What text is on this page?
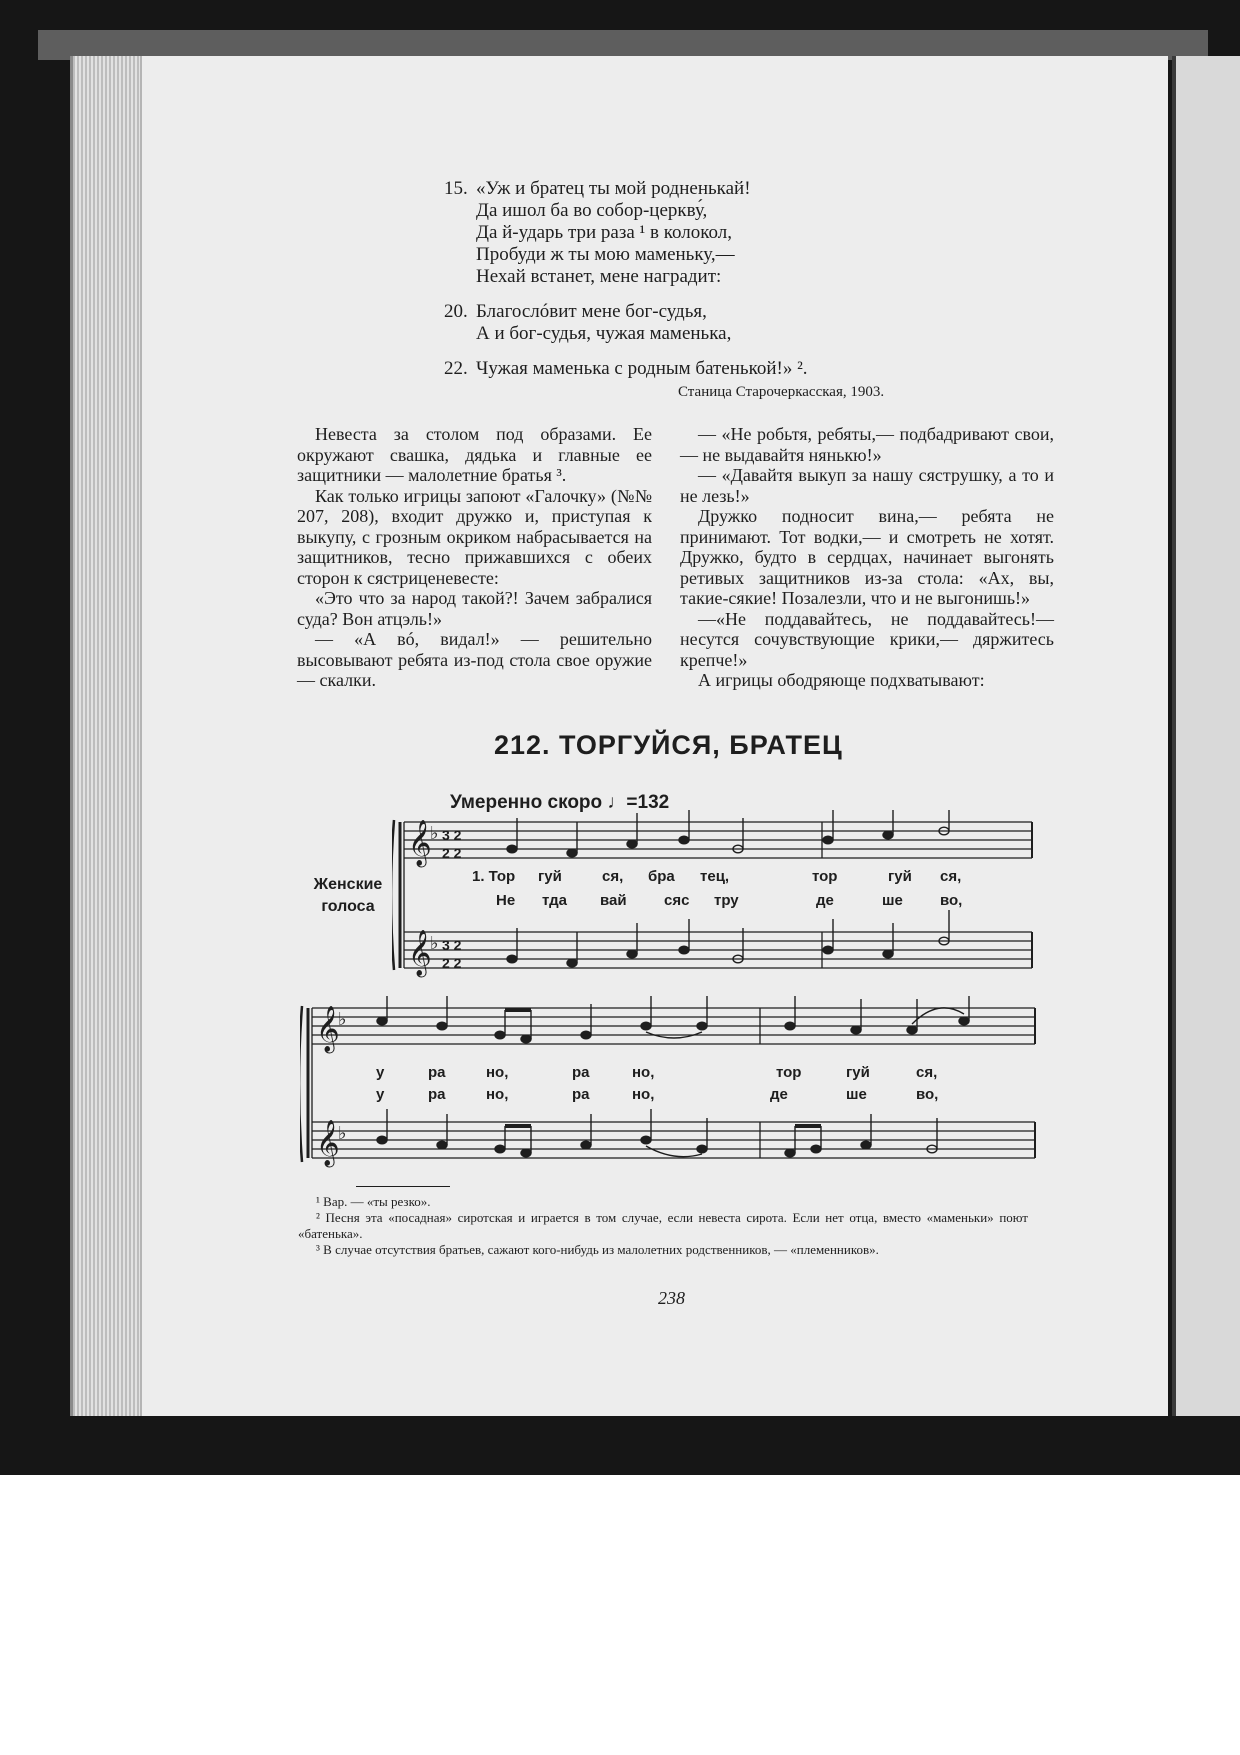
15. «Уж и братец ты мой родненькай!
Да ишол ба во собор-церкву́,
Да й-ударь три раза ¹ в колокол,
Пробуди ж ты мою маменьку,—
Нехай встанет, мене наградит:
20. Благослóвит мене бог-судья,
А и бог-судья, чужая маменька,
22. Чужая маменька с родным батенькой!» ².
Станица Старочеркасская, 1903.

Невеста за столом под образами. Ее окружают свашка, дядька и главные ее защитники — малолетние братья ³.

Как только игрицы запоют «Галочку» (№№ 207, 208), входит дружко и, приступая к выкупу, с грозным окриком набрасывается на защитников, тесно прижавшихся с обеих сторон к сястриценевесте:

«Это что за народ такой?! Зачем забралися суда? Вон атцэль!»

— «А вó, видал!» — решительно высовывают ребята из-под стола свое оружие — скалки.

— «Не робьтя, ребяты,— подбадривают свои,— не выдавайтя нянькю!»

— «Давайтя выкуп за нашу сяструшку, а то и не лезь!»

Дружко подносит вина,— ребята не принимают. Тот водки,— и смотреть не хотят. Дружко, будто в сердцах, начинает выгонять ретивых защитников из-за стола: «Ах, вы, такие-сякие! Позалезли, что и не выгонишь!»

—«Не поддавайтесь, не поддавайтесь!— несутся сочувствующие крики,— дяржитесь крепче!»

А игрицы ободряюще подхватывают:

212. ТОРГУЙСЯ, БРАТЕЦ
Умеренно скоро ♩=132
Женские
голоса
𝄞
𝄞
♭
♭
3 2
2 2
3 2
2 2
1. Тор гуй	ся, бра тец,	тор	гуй ся,
Не тда вай сяс тру	де	ше во,
𝄞
𝄞
♭
♭
у	ра	но,	ра	но,	тор	гуй	ся,
у	ра	но,	ра	но,	де	ше	во,
¹ Вар. — «ты резко».
² Песня эта «посадная» сиротская и играется в том случае, если невеста сирота. Если нет отца, вместо «маменьки» поют «батенька».
³ В случае отсутствия братьев, сажают кого-нибудь из малолетних родственников, — «племенников».
238
